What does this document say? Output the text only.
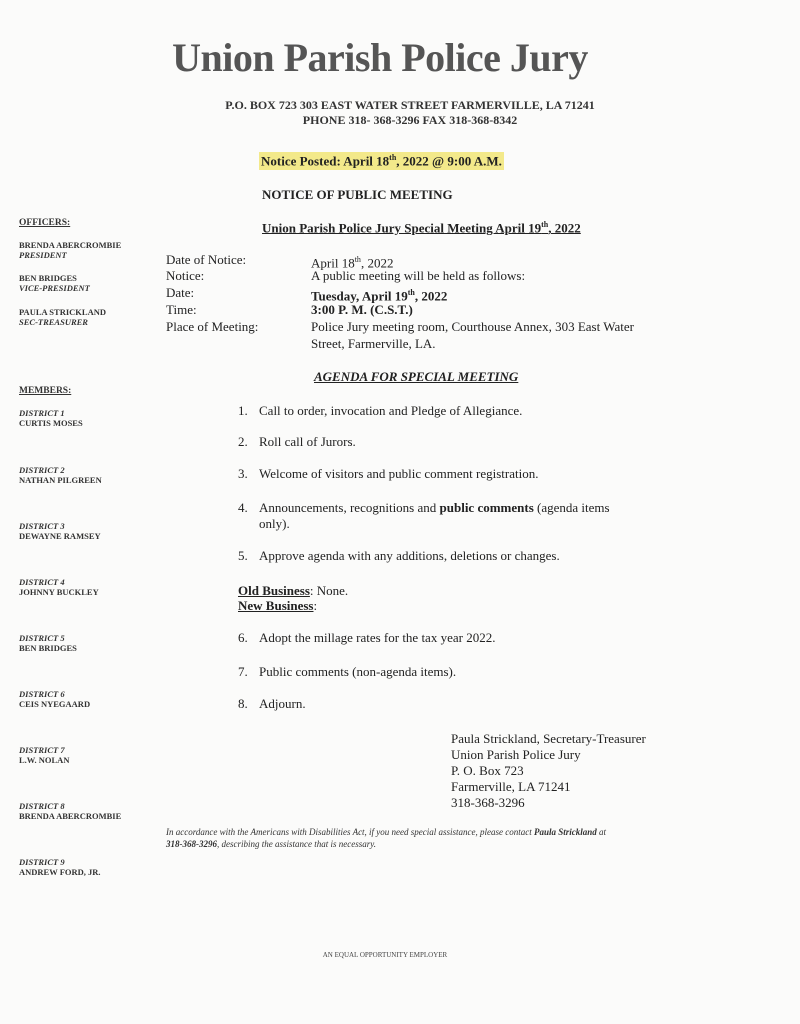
Union Parish Police Jury
P.O. BOX 723 303 EAST WATER STREET FARMERVILLE, LA 71241
PHONE 318- 368-3296 FAX 318-368-8342
Notice Posted: April 18th, 2022 @ 9:00 A.M.
NOTICE OF PUBLIC MEETING
Union Parish Police Jury Special Meeting April 19th, 2022
OFFICERS:
BRENDA ABERCROMBIE
PRESIDENT
BEN BRIDGES
VICE-PRESIDENT
PAULA STRICKLAND
SEC-TREASURER
MEMBERS:
DISTRICT 1
CURTIS MOSES
DISTRICT 2
NATHAN PILGREEN
DISTRICT 3
DEWAYNE RAMSEY
DISTRICT 4
JOHNNY BUCKLEY
DISTRICT 5
BEN BRIDGES
DISTRICT 6
CEIS NYEGAARD
DISTRICT 7
L.W. NOLAN
DISTRICT 8
BRENDA ABERCROMBIE
DISTRICT 9
ANDREW FORD, JR.
Date of Notice:	April 18th, 2022
Notice:	A public meeting will be held as follows:
Date:	Tuesday, April 19th, 2022
Time:	3:00 P. M. (C.S.T.)
Place of Meeting:	Police Jury meeting room, Courthouse Annex, 303 East Water
Street, Farmerville, LA.
AGENDA FOR SPECIAL MEETING
1. Call to order, invocation and Pledge of Allegiance.
2. Roll call of Jurors.
3. Welcome of visitors and public comment registration.
4. Announcements, recognitions and public comments (agenda items
only).
5. Approve agenda with any additions, deletions or changes.
Old Business: None.
New Business:
6. Adopt the millage rates for the tax year 2022.
7. Public comments (non-agenda items).
8. Adjourn.
Paula Strickland, Secretary-Treasurer
Union Parish Police Jury
P. O. Box 723
Farmerville, LA 71241
318-368-3296
In accordance with the Americans with Disabilities Act, if you need special assistance, please contact Paula Strickland at
318-368-3296, describing the assistance that is necessary.
AN EQUAL OPPORTUNITY EMPLOYER
